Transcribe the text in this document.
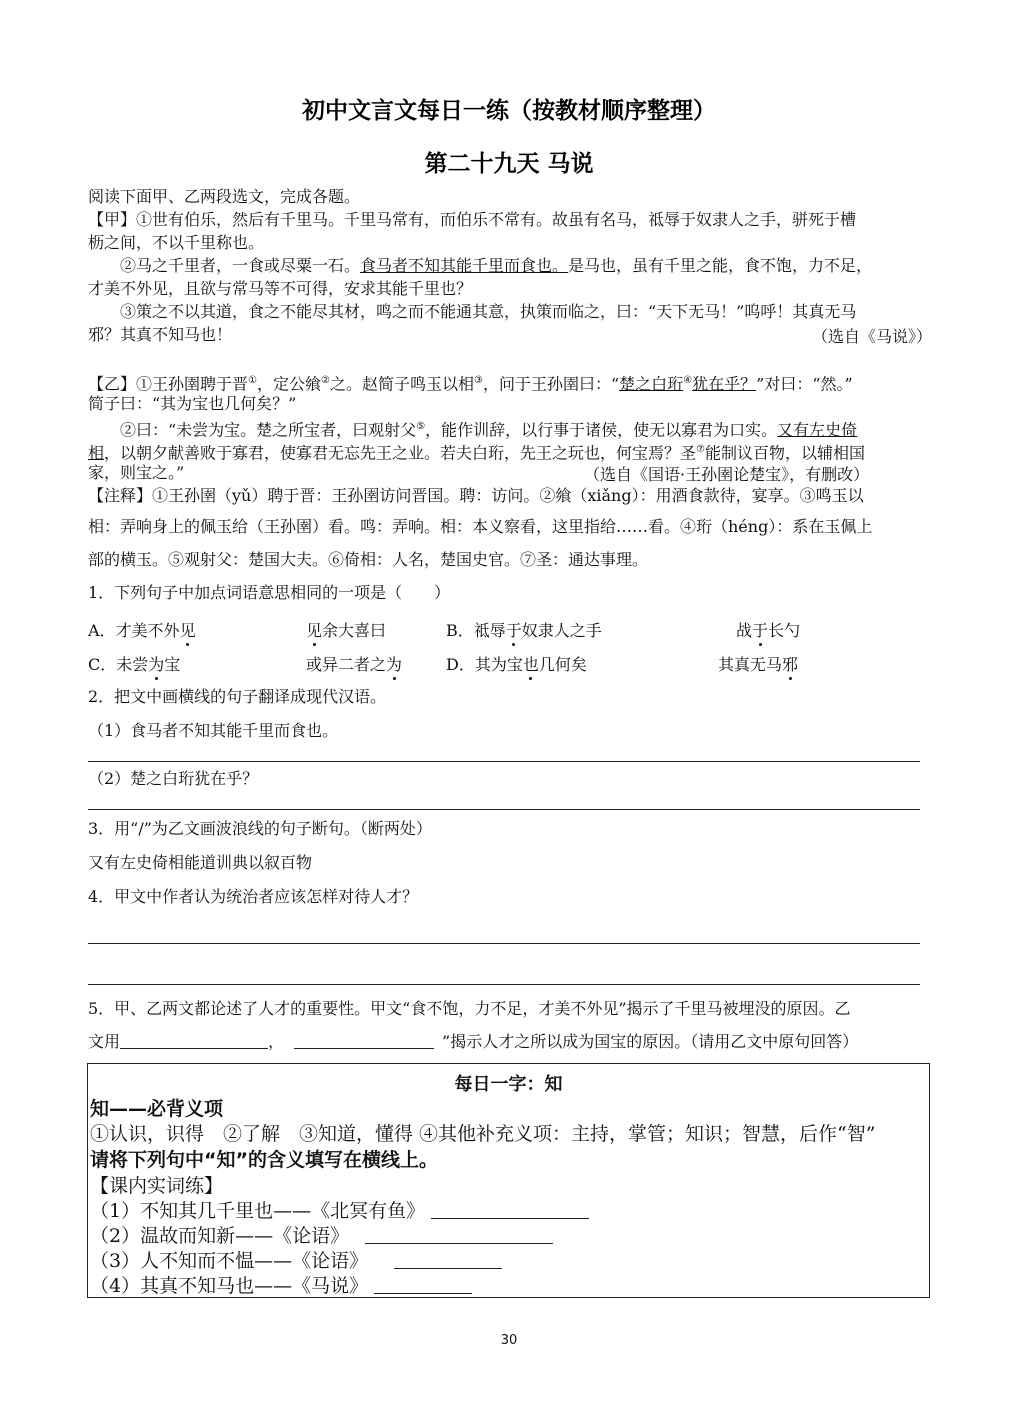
初中文言文每日一练（按教材顺序整理）
第二十九天 马说
阅读下面甲、乙两段选文，完成各题。
【甲】①世有伯乐，然后有千里马。千里马常有，而伯乐不常有。故虽有名马，祗辱于奴隶人之手，骈死于槽
枥之间，不以千里称也。
②马之千里者，一食或尽粟一石。食马者不知其能千里而食也。是马也，虽有千里之能，食不饱，力不足，
才美不外见，且欲与常马等不可得，安求其能千里也？
③策之不以其道，食之不能尽其材，鸣之而不能通其意，执策而临之，曰：“天下无马！”呜呼！其真无马
邪？其真不知马也！	（选自《马说》）
【乙】①王孙圉聘于晋①，定公飨②之。赵简子鸣玉以相③，问于王孙圉曰：“楚之白珩④犹在乎？”对曰：“然。”
简子曰：“其为宝也几何矣？”
②曰：“未尝为宝。楚之所宝者，曰观射父⑤，能作训辞，以行事于诸侯，使无以寡君为口实。又有左史倚
相，以朝夕献善败于寡君，使寡君无忘先王之业。若夫白珩，先王之玩也，何宝焉？圣⑦能制议百物，以辅相国
家，则宝之。”	（选自《国语·王孙圉论楚宝》，有删改）
【注释】①王孙圉（yǔ）聘于晋：王孙圉访问晋国。聘：访问。②飨（xiǎng）：用酒食款待，宴享。③鸣玉以
相：弄响身上的佩玉给（王孙圉）看。鸣：弄响。相：本义察看，这里指给……看。④珩（héng）：系在玉佩上
部的横玉。⑤观射父：楚国大夫。⑥倚相：人名，楚国史官。⑦圣：通达事理。
1．下列句子中加点词语意思相同的一项是（　　）
A．才美不外见	见余大喜曰	B．祗辱于奴隶人之手	战于长勺
C．未尝为宝	或异二者之为	D．其为宝也几何矣	其真无马邪
2．把文中画横线的句子翻译成现代汉语。
（1）食马者不知其能千里而食也。
（2）楚之白珩犹在乎？
3．用“/”为乙文画波浪线的句子断句。（断两处）
又有左史倚相能道训典以叙百物
4．甲文中作者认为统治者应该怎样对待人才？
5．甲、乙两文都论述了人才的重要性。甲文“食不饱，力不足，才美不外见”揭示了千里马被埋没的原因。乙
文用	，	”揭示人才之所以成为国宝的原因。（请用乙文中原句回答）
每日一字：知
知——必背义项
①认识，识得　②了解　③知道，懂得 ④其他补充义项：主持，掌管；知识；智慧，后作“智”
请将下列句中“知”的含义填写在横线上。
【课内实词练】
（1）不知其几千里也——《北冥有鱼》
（2）温故而知新——《论语》
（3）人不知而不愠——《论语》
（4）其真不知马也——《马说》
30
